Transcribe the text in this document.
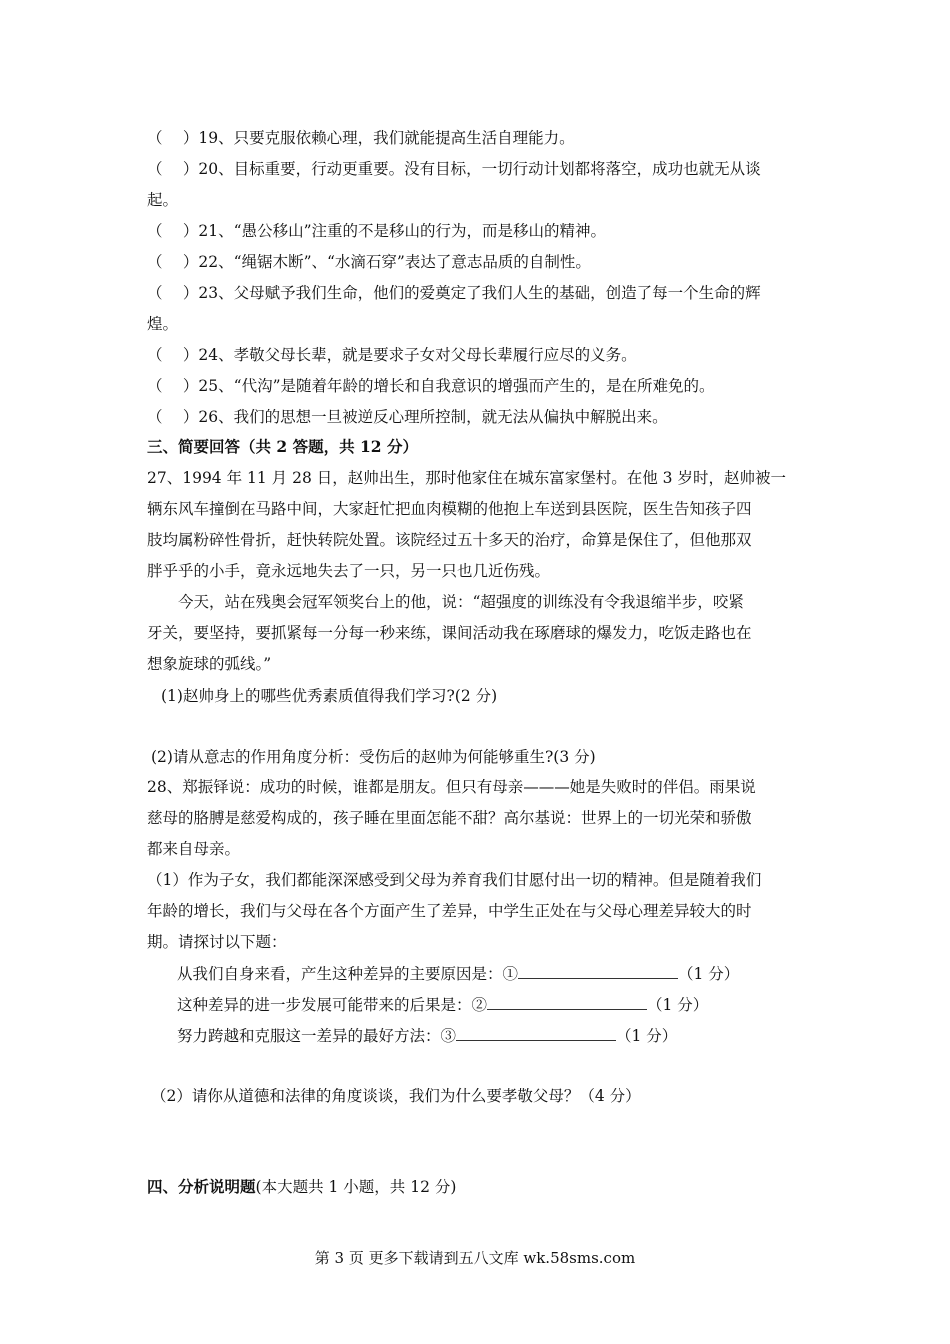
（　 ）19、只要克服依赖心理，我们就能提高生活自理能力。
（　 ）20、目标重要，行动更重要。没有目标，一切行动计划都将落空，成功也就无从谈
起。
（　 ）21、“愚公移山”注重的不是移山的行为，而是移山的精神。
（　 ）22、“绳锯木断”、“水滴石穿”表达了意志品质的自制性。
（　 ）23、父母赋予我们生命，他们的爱奠定了我们人生的基础，创造了每一个生命的辉
煌。
（　 ）24、孝敬父母长辈，就是要求子女对父母长辈履行应尽的义务。
（　 ）25、“代沟”是随着年龄的增长和自我意识的增强而产生的，是在所难免的。
（　 ）26、我们的思想一旦被逆反心理所控制，就无法从偏执中解脱出来。
三、简要回答（共 2 答题，共 12 分）
27、1994 年 11 月 28 日，赵帅出生，那时他家住在城东富家堡村。在他 3 岁时，赵帅被一
辆东风车撞倒在马路中间，大家赶忙把血肉模糊的他抱上车送到县医院，医生告知孩子四
肢均属粉碎性骨折，赶快转院处置。该院经过五十多天的治疗，命算是保住了，但他那双
胖乎乎的小手，竟永远地失去了一只，另一只也几近伤残。
　　今天，站在残奥会冠军领奖台上的他，说：“超强度的训练没有令我退缩半步，咬紧
牙关，要坚持，要抓紧每一分每一秒来练，课间活动我在琢磨球的爆发力，吃饭走路也在
想象旋球的弧线。”
(1)赵帅身上的哪些优秀素质值得我们学习?(2 分)
(2)请从意志的作用角度分析：受伤后的赵帅为何能够重生?(3 分)
28、郑振铎说：成功的时候，谁都是朋友。但只有母亲———她是失败时的伴侣。雨果说
慈母的胳膊是慈爱构成的，孩子睡在里面怎能不甜？高尔基说：世界上的一切光荣和骄傲
都来自母亲。
（1）作为子女，我们都能深深感受到父母为养育我们甘愿付出一切的精神。但是随着我们
年龄的增长，我们与父母在各个方面产生了差异，中学生正处在与父母心理差异较大的时
期。请探讨以下题：
从我们自身来看，产生这种差异的主要原因是：①	（1 分）
这种差异的进一步发展可能带来的后果是：②	（1 分）
努力跨越和克服这一差异的最好方法：③	（1 分）
（2）请你从道德和法律的角度谈谈，我们为什么要孝敬父母？（4 分）
四、分析说明题(本大题共 1 小题，共 12 分)
第 3 页 更多下载请到五八文库 wk.58sms.com
